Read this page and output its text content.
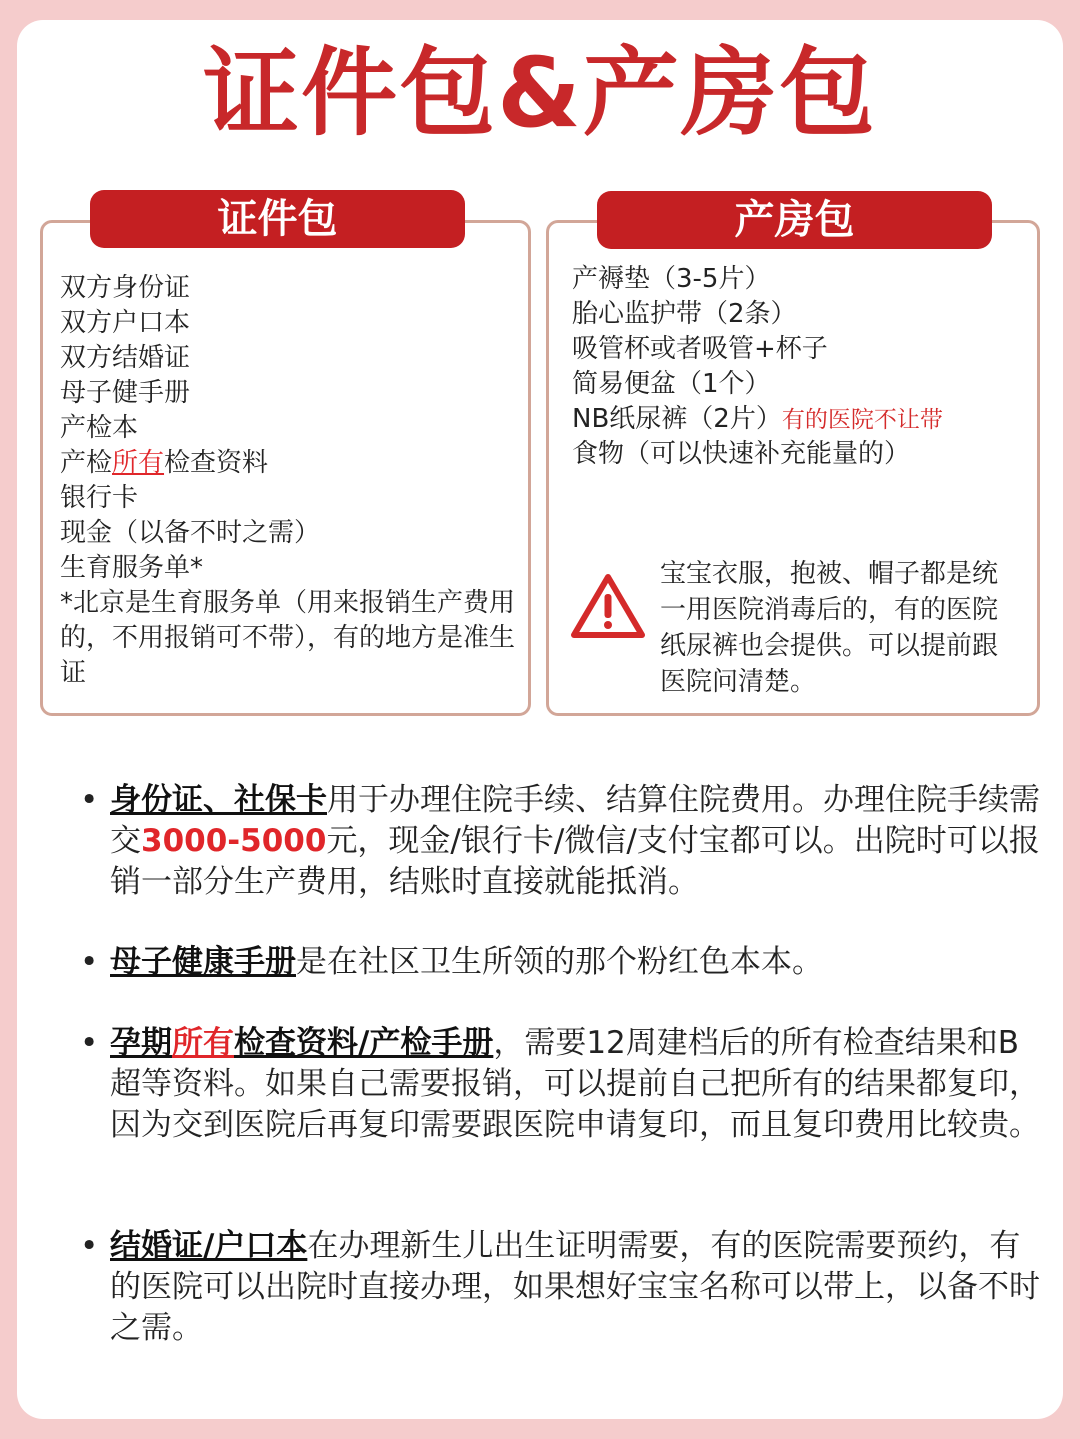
证件包&产房包
证件包	产房包
双方身份证
双方户口本
双方结婚证
母子健手册
产检本
产检所有检查资料
银行卡
现金（以备不时之需）
生育服务单*
*北京是生育服务单（用来报销生产费用的，不用报销可不带），有的地方是准生证
产褥垫（3-5片）
胎心监护带（2条）
吸管杯或者吸管+杯子
简易便盆（1个）
NB纸尿裤（2片）有的医院不让带
食物（可以快速补充能量的）
宝宝衣服，抱被、帽子都是统一用医院消毒后的，有的医院纸尿裤也会提供。可以提前跟医院问清楚。
• 身份证、社保卡用于办理住院手续、结算住院费用。办理住院手续需交3000-5000元，现金/银行卡/微信/支付宝都可以。出院时可以报销一部分生产费用，结账时直接就能抵消。
• 母子健康手册是在社区卫生所领的那个粉红色本本。
• 孕期所有检查资料/产检手册，需要12周建档后的所有检查结果和B超等资料。如果自己需要报销，可以提前自己把所有的结果都复印，因为交到医院后再复印需要跟医院申请复印，而且复印费用比较贵。
• 结婚证/户口本在办理新生儿出生证明需要，有的医院需要预约，有的医院可以出院时直接办理，如果想好宝宝名称可以带上，以备不时之需。
